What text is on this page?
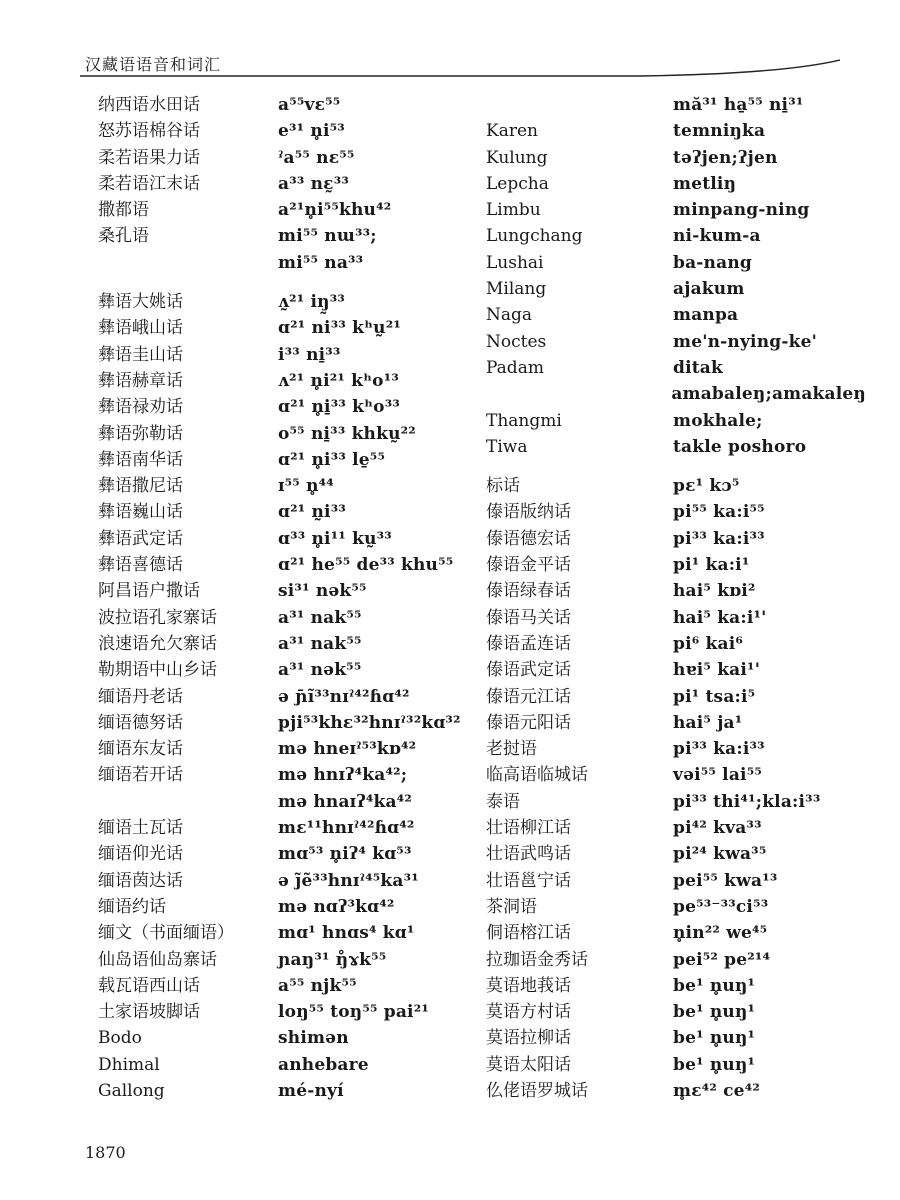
汉藏语语音和词汇
纳西语水田话	a⁵⁵vɛ⁵⁵
怒苏语棉谷话	e³¹ n̥i⁵³
柔若语果力话	ˀa⁵⁵ nɛ⁵⁵
柔若语江末话	a³³ nɛ̰³³
撒都语	a²¹n̥i⁵⁵khu⁴²
桑孔语	mi⁵⁵ nɯ³³;
mi⁵⁵ na³³
彝语大姚话	ʌ̰²¹ iŋ̰³³
彝语峨山话	ɑ²¹ ni³³ kʰṵ²¹
彝语圭山话	i³³ ni̱³³
彝语赫章话	ʌ²¹ n̥i²¹ kʰo¹³
彝语禄劝话	ɑ²¹ n̥i̱³³ kʰo³³
彝语弥勒话	o⁵⁵ ni̱³³ khkṵ²²
彝语南华话	ɑ²¹ n̥i³³ le̱⁵⁵
彝语撒尼话	ɪ⁵⁵ n̥⁴⁴
彝语巍山话	ɑ²¹ n̰i³³
彝语武定话	ɑ³³ n̥i¹¹ kṵ³³
彝语喜德话	ɑ²¹ he⁵⁵ de³³ khu⁵⁵
阿昌语户撒话	si³¹ nək⁵⁵
波拉语孔家寨话	a³¹ nak⁵⁵
浪速语允欠寨话	a³¹ nak⁵⁵
勒期语中山乡话	a³¹ nək⁵⁵
缅语丹老话	ə ɲ̄ĩ³³nɪˀ⁴²ɦɑ⁴²
缅语德努话	pji⁵³khɛ³²hnɪˀ³²kɑ³²
缅语东友话	mə hneɪˀ⁵³kɒ⁴²
缅语若开话	mə hnɪʔ⁴ka⁴²;
mə hnaɪʔ⁴ka⁴²
缅语土瓦话	mɛ¹¹hnɪˀ⁴²ɦɑ⁴²
缅语仰光话	mɑ⁵³ n̥iʔ⁴ kɑ⁵³
缅语茵达话	ə j̃ẽ³³hnɪˀ⁴⁵ka³¹
缅语约话	mə nɑʔ³kɑ⁴²
缅文（书面缅语）	mɑ¹ hnɑs⁴ kɑ¹
仙岛语仙岛寨话	ɲaŋ³¹ ŋ̊ɤk⁵⁵
载瓦语西山话	a⁵⁵ njk⁵⁵
土家语坡脚话	loŋ⁵⁵ toŋ⁵⁵ pai²¹
Bodo	shimən
Dhimal	anhebare
Gallong	mé-nyí
mă³¹ ha̱⁵⁵ ni̱³¹
Karen	temniŋka
Kulung	təʔjen;ʔjen
Lepcha	metliŋ
Limbu	minpang-ning
Lungchang	ni-kum-a
Lushai	ba-nang
Milang	ajakum
Naga	manpa
Noctes	me'n-nying-ke'
Padam	ditak
amabaleŋ;amakaleŋ
Thangmi	mokhale;
Tiwa	takle poshoro
标话	pɛ¹ kɔ⁵
傣语版纳话	pi⁵⁵ ka:i⁵⁵
傣语德宏话	pi³³ ka:i³³
傣语金平话	pi¹ ka:i¹
傣语绿春话	hai⁵ kɒi²
傣语马关话	hai⁵ ka:i¹'
傣语孟连话	pi⁶ kai⁶
傣语武定话	hɐi⁵ kai¹'
傣语元江话	pi¹ tsa:i⁵
傣语元阳话	hai⁵ ja¹
老挝语	pi³³ ka:i³³
临高语临城话	vəi⁵⁵ lai⁵⁵
泰语	pi³³ thi⁴¹;kla:i³³
壮语柳江话	pi⁴² kva³³
壮语武鸣话	pi²⁴ kwa³⁵
壮语邕宁话	pei⁵⁵ kwa¹³
茶洞语	pe⁵³⁻³³ci⁵³
侗语榕江话	n̥in²² we⁴⁵
拉珈语金秀话	pei⁵² pe²¹⁴
莫语地莪话	be¹ n̥uŋ¹
莫语方村话	be¹ n̥uŋ¹
莫语拉柳话	be¹ n̥uŋ¹
莫语太阳话	be¹ n̥uŋ¹
仫佬语罗城话	m̥ɛ⁴² ce⁴²
1870
